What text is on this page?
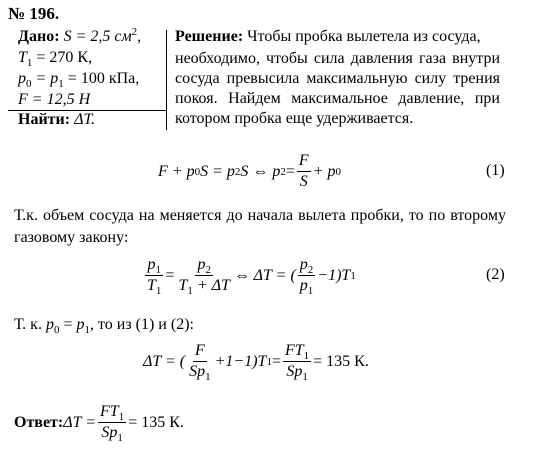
№ 196.
Дано: S = 2,5 $см^2$,
$T_1 = 270$ К,
$p_0 = p_1 = 100$ кПа,
F = 12,5 Н
Найти: ΔT.
Решение: Чтобы пробка вылетела из сосуда,
необходимо, чтобы сила давления газа внутри сосуда превысила максимальную силу трения покоя. Найдем максимальное давление, при котором пробка еще удерживается.
F + p 0 S = p 2 S ⇔ p $2 = \frac{F}{S} + p$ 0	(1)
Т.к. объем сосуда на меняется до начала вылета пробки, то по второму газовому закону:
$\frac{p_1}{T_1} = \frac{p_2}{T_1 + \Delta T}$ ⇔ ΔT = ( $\frac{p_2}{p_1} -1)T$ 1	(2)
Т. к. $p_0 = p_1$, то из (1) и (2):
ΔT = ( $\frac{F}{Sp_1} +1-1)T$ $1 = \frac{FT_1}{Sp_1} = 135$ К.
Ответ: $\Delta T = \frac{FT_1}{Sp_1} = 135$ К.
